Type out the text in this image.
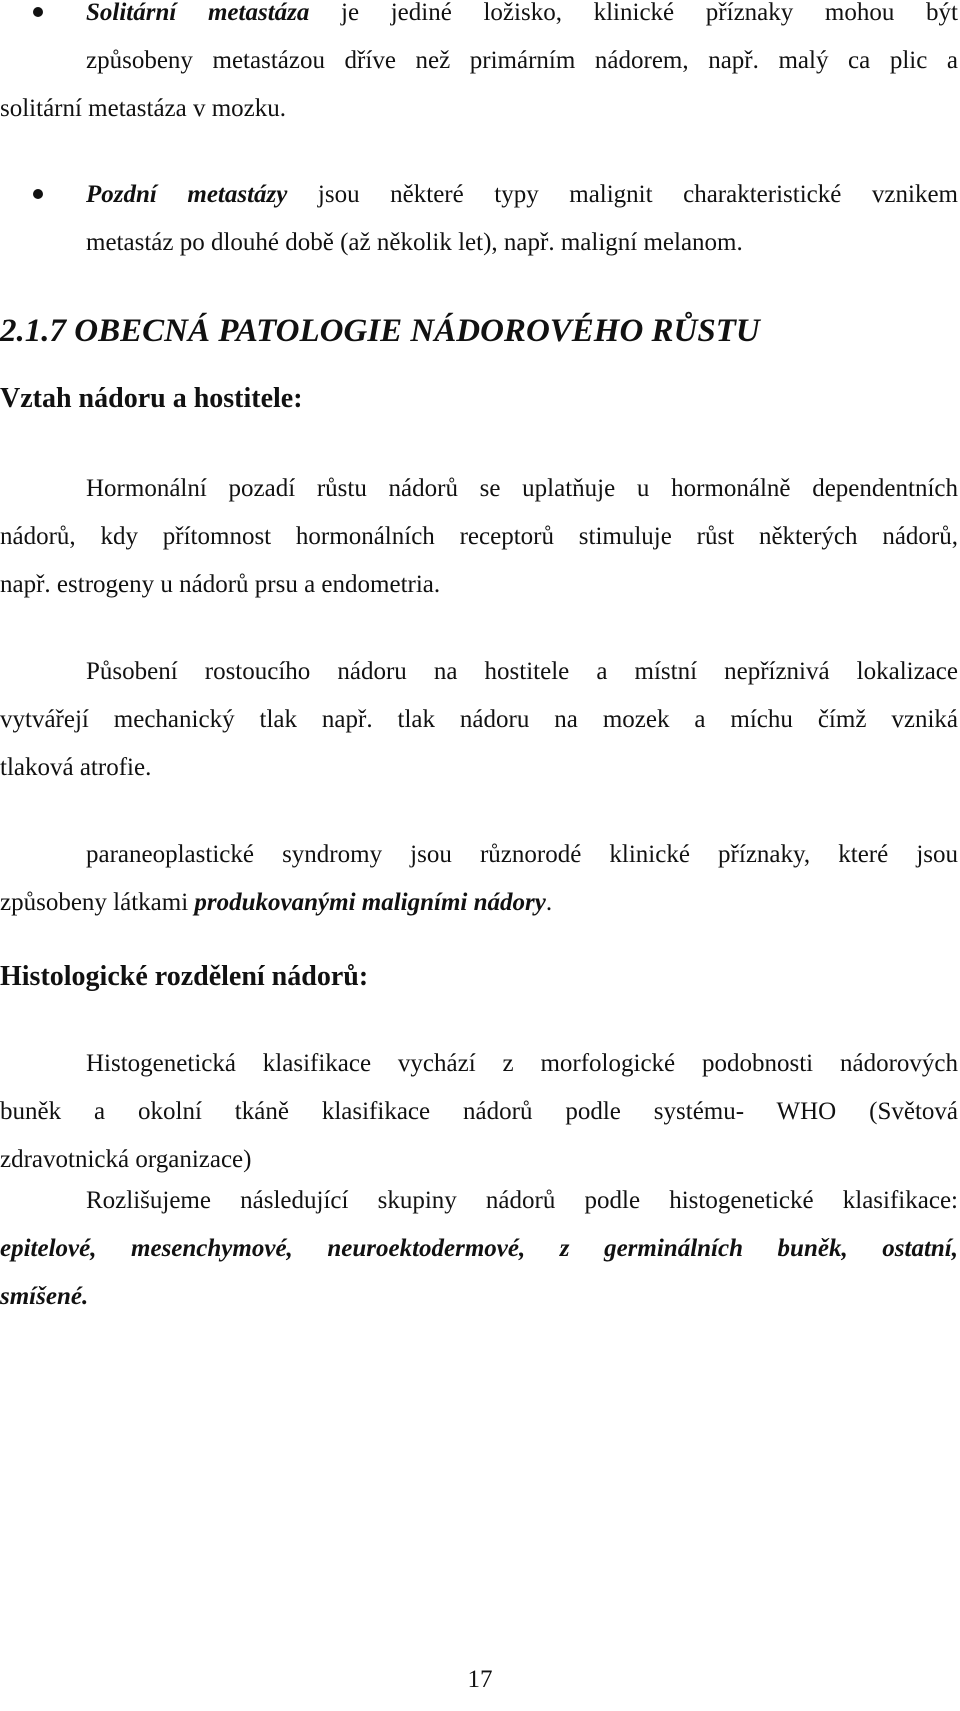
Solitární metastáza je jediné ložisko, klinické příznaky mohou být
způsobeny metastázou dříve než primárním nádorem, např. malý ca plic a
solitární metastáza v mozku.
Pozdní metastázy jsou některé typy malignit charakteristické vznikem
metastáz po dlouhé době (až několik let), např. maligní melanom.
2.1.7 OBECNÁ PATOLOGIE NÁDOROVÉHO RŮSTU
Vztah nádoru a hostitele:
Hormonální pozadí růstu nádorů se uplatňuje u hormonálně dependentních
nádorů, kdy přítomnost hormonálních receptorů stimuluje růst některých nádorů,
např. estrogeny u nádorů prsu a endometria.
Působení rostoucího nádoru na hostitele a místní nepříznivá lokalizace
vytvářejí mechanický tlak např. tlak nádoru na mozek a míchu čímž vzniká
tlaková atrofie.
paraneoplastické syndromy jsou různorodé klinické příznaky, které jsou
způsobeny látkami produkovanými maligními nádory.
Histologické rozdělení nádorů:
Histogenetická klasifikace vychází z morfologické podobnosti nádorových
buněk a okolní tkáně klasifikace nádorů podle systému- WHO (Světová
zdravotnická organizace)
Rozlišujeme následující skupiny nádorů podle histogenetické klasifikace:
epitelové, mesenchymové, neuroektodermové, z germinálních buněk, ostatní,
smíšené.
17
